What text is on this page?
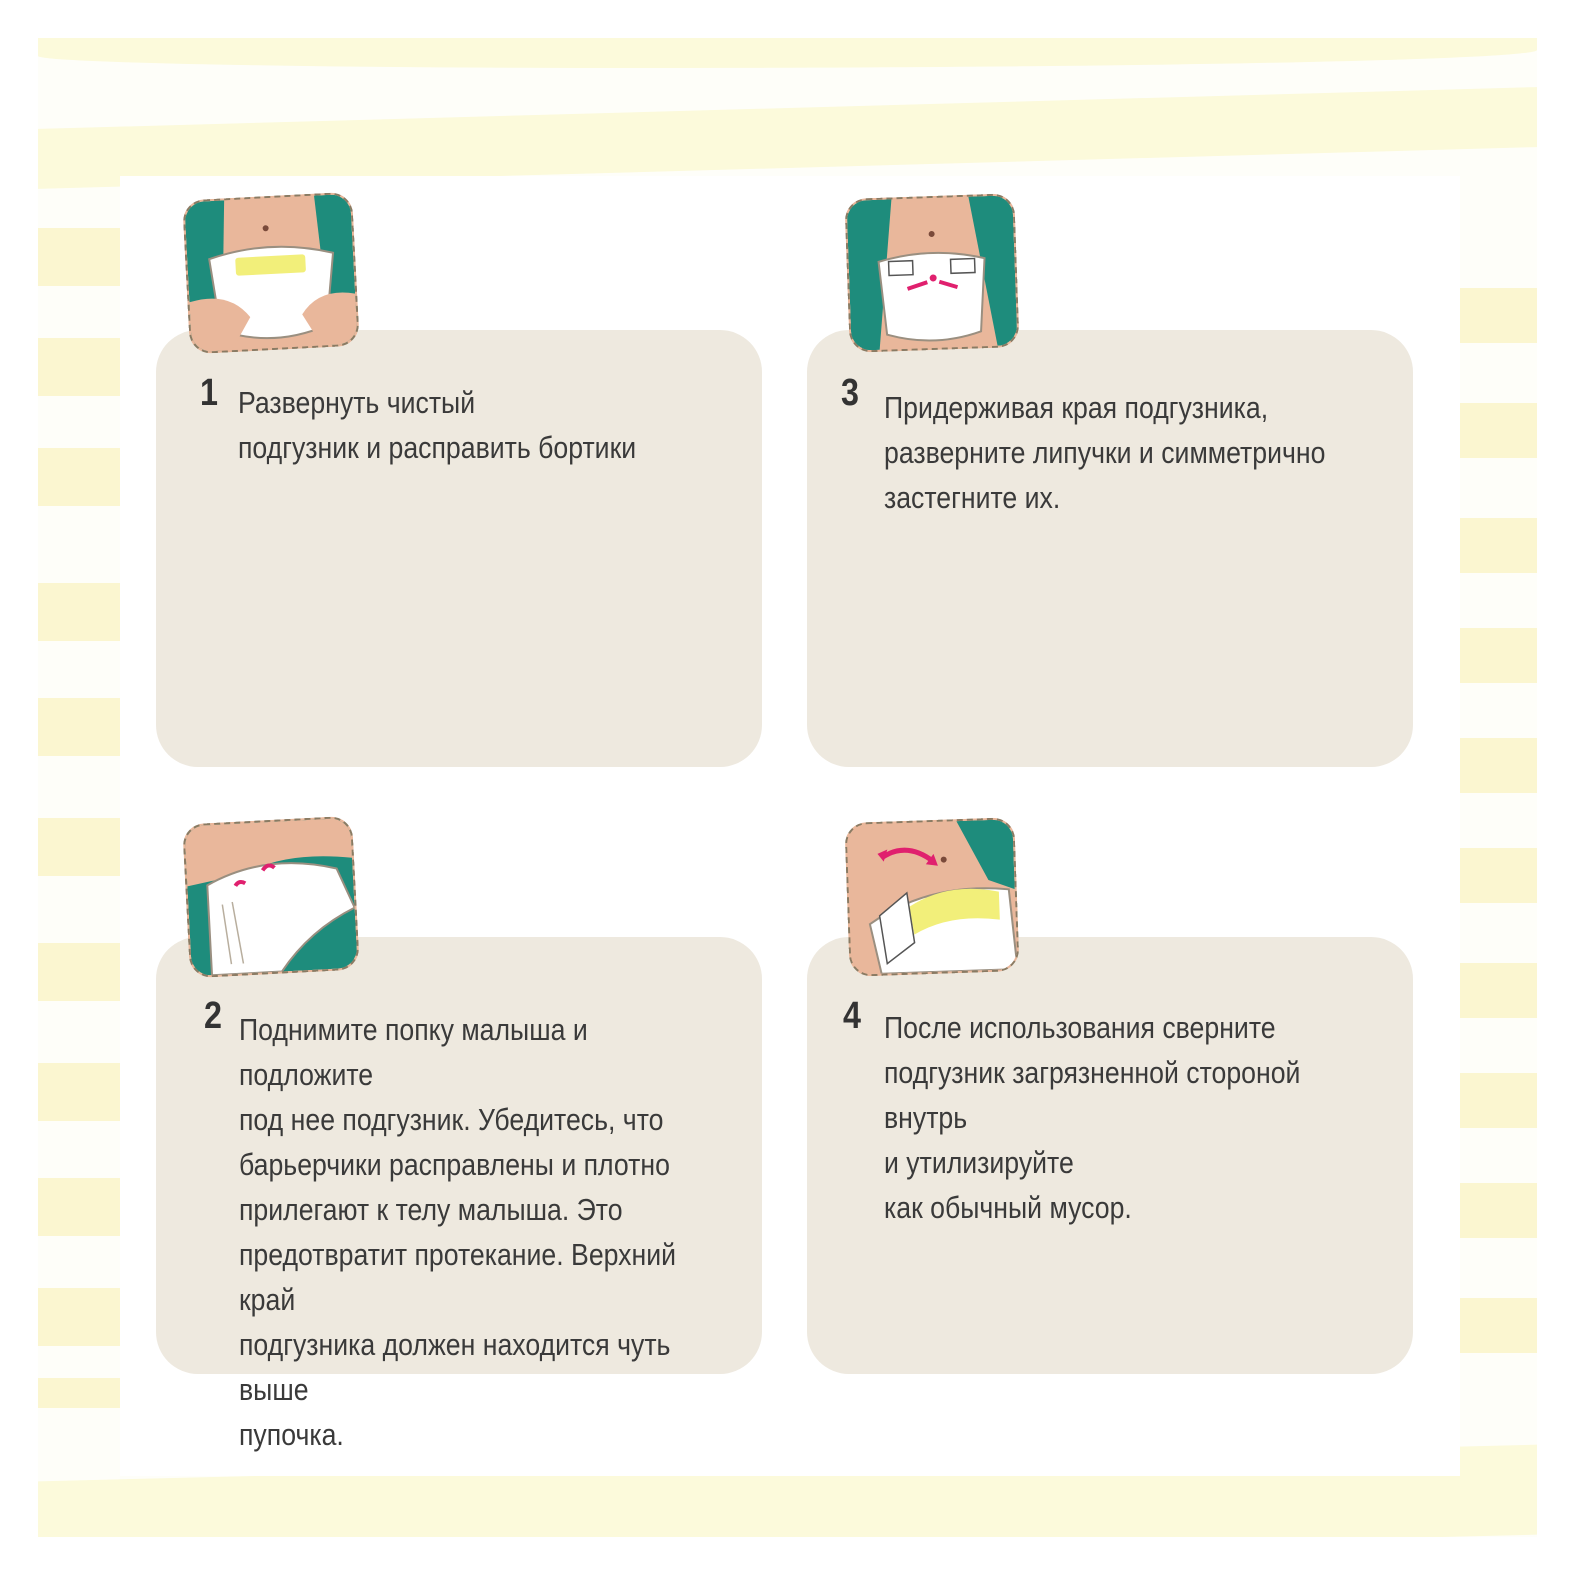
1 Развернуть чистый
подгузник и расправить бортики
3 Придерживая края подгузника,
разверните липучки и симметрично
застегните их.
2 Поднимите попку малыша и подложите
под нее подгузник. Убедитесь, что
барьерчики расправлены и плотно
прилегают к телу малыша. Это
предотвратит протекание. Верхний край
подгузника должен находится чуть выше
пупочка.
4 После использования сверните
подгузник загрязненной стороной внутрь
и утилизируйте
как обычный мусор.
